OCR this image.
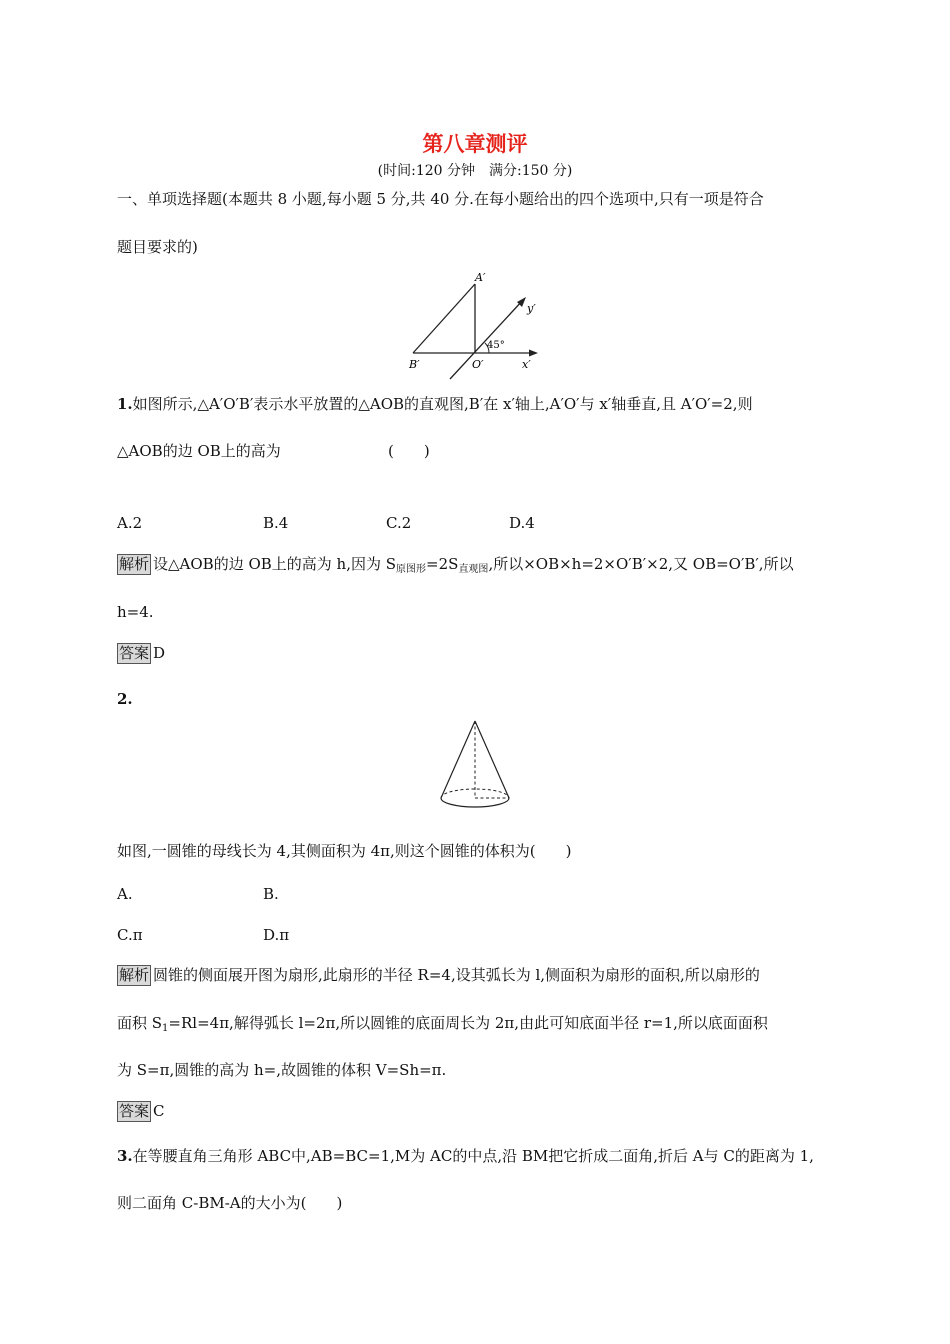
第八章测评
(时间:120 分钟　满分:150 分)
一、单项选择题(本题共 8 小题,每小题 5 分,共 40 分.在每小题给出的四个选项中,只有一项是符合
题目要求的)
A′
B′	O′	x′
y′
45°
1.如图所示,△A′O′B′表示水平放置的△AOB的直观图,B′在 x′轴上,A′O′与 x′轴垂直,且 A′O′=2,则
△AOB的边 OB上的高为	(　　)
A.2	B.4	C.2	D.4
解析 设△AOB的边 OB上的高为 h,因为 $S_{原图形}=2S_{直观图}$,所以×OB×h=2×O′B′×2,又 OB=O′B′,所以
h=4.
答案 D
2.
如图,一圆锥的母线长为 4,其侧面积为 4π,则这个圆锥的体积为(　　)
A.	B.
C.π	D.π
解析 圆锥的侧面展开图为扇形,此扇形的半径 R=4,设其弧长为 l,侧面积为扇形的面积,所以扇形的
面积 $S_1=Rl=4\pi$,解得弧长 l=2π,所以圆锥的底面周长为 2π,由此可知底面半径 r=1,所以底面面积
为 S=π,圆锥的高为 h=,故圆锥的体积 V=Sh=π.
答案 C
3.在等腰直角三角形 ABC中,AB=BC=1,M为 AC的中点,沿 BM把它折成二面角,折后 A与 C的距离为 1,
则二面角 C-BM-A的大小为(　　)
